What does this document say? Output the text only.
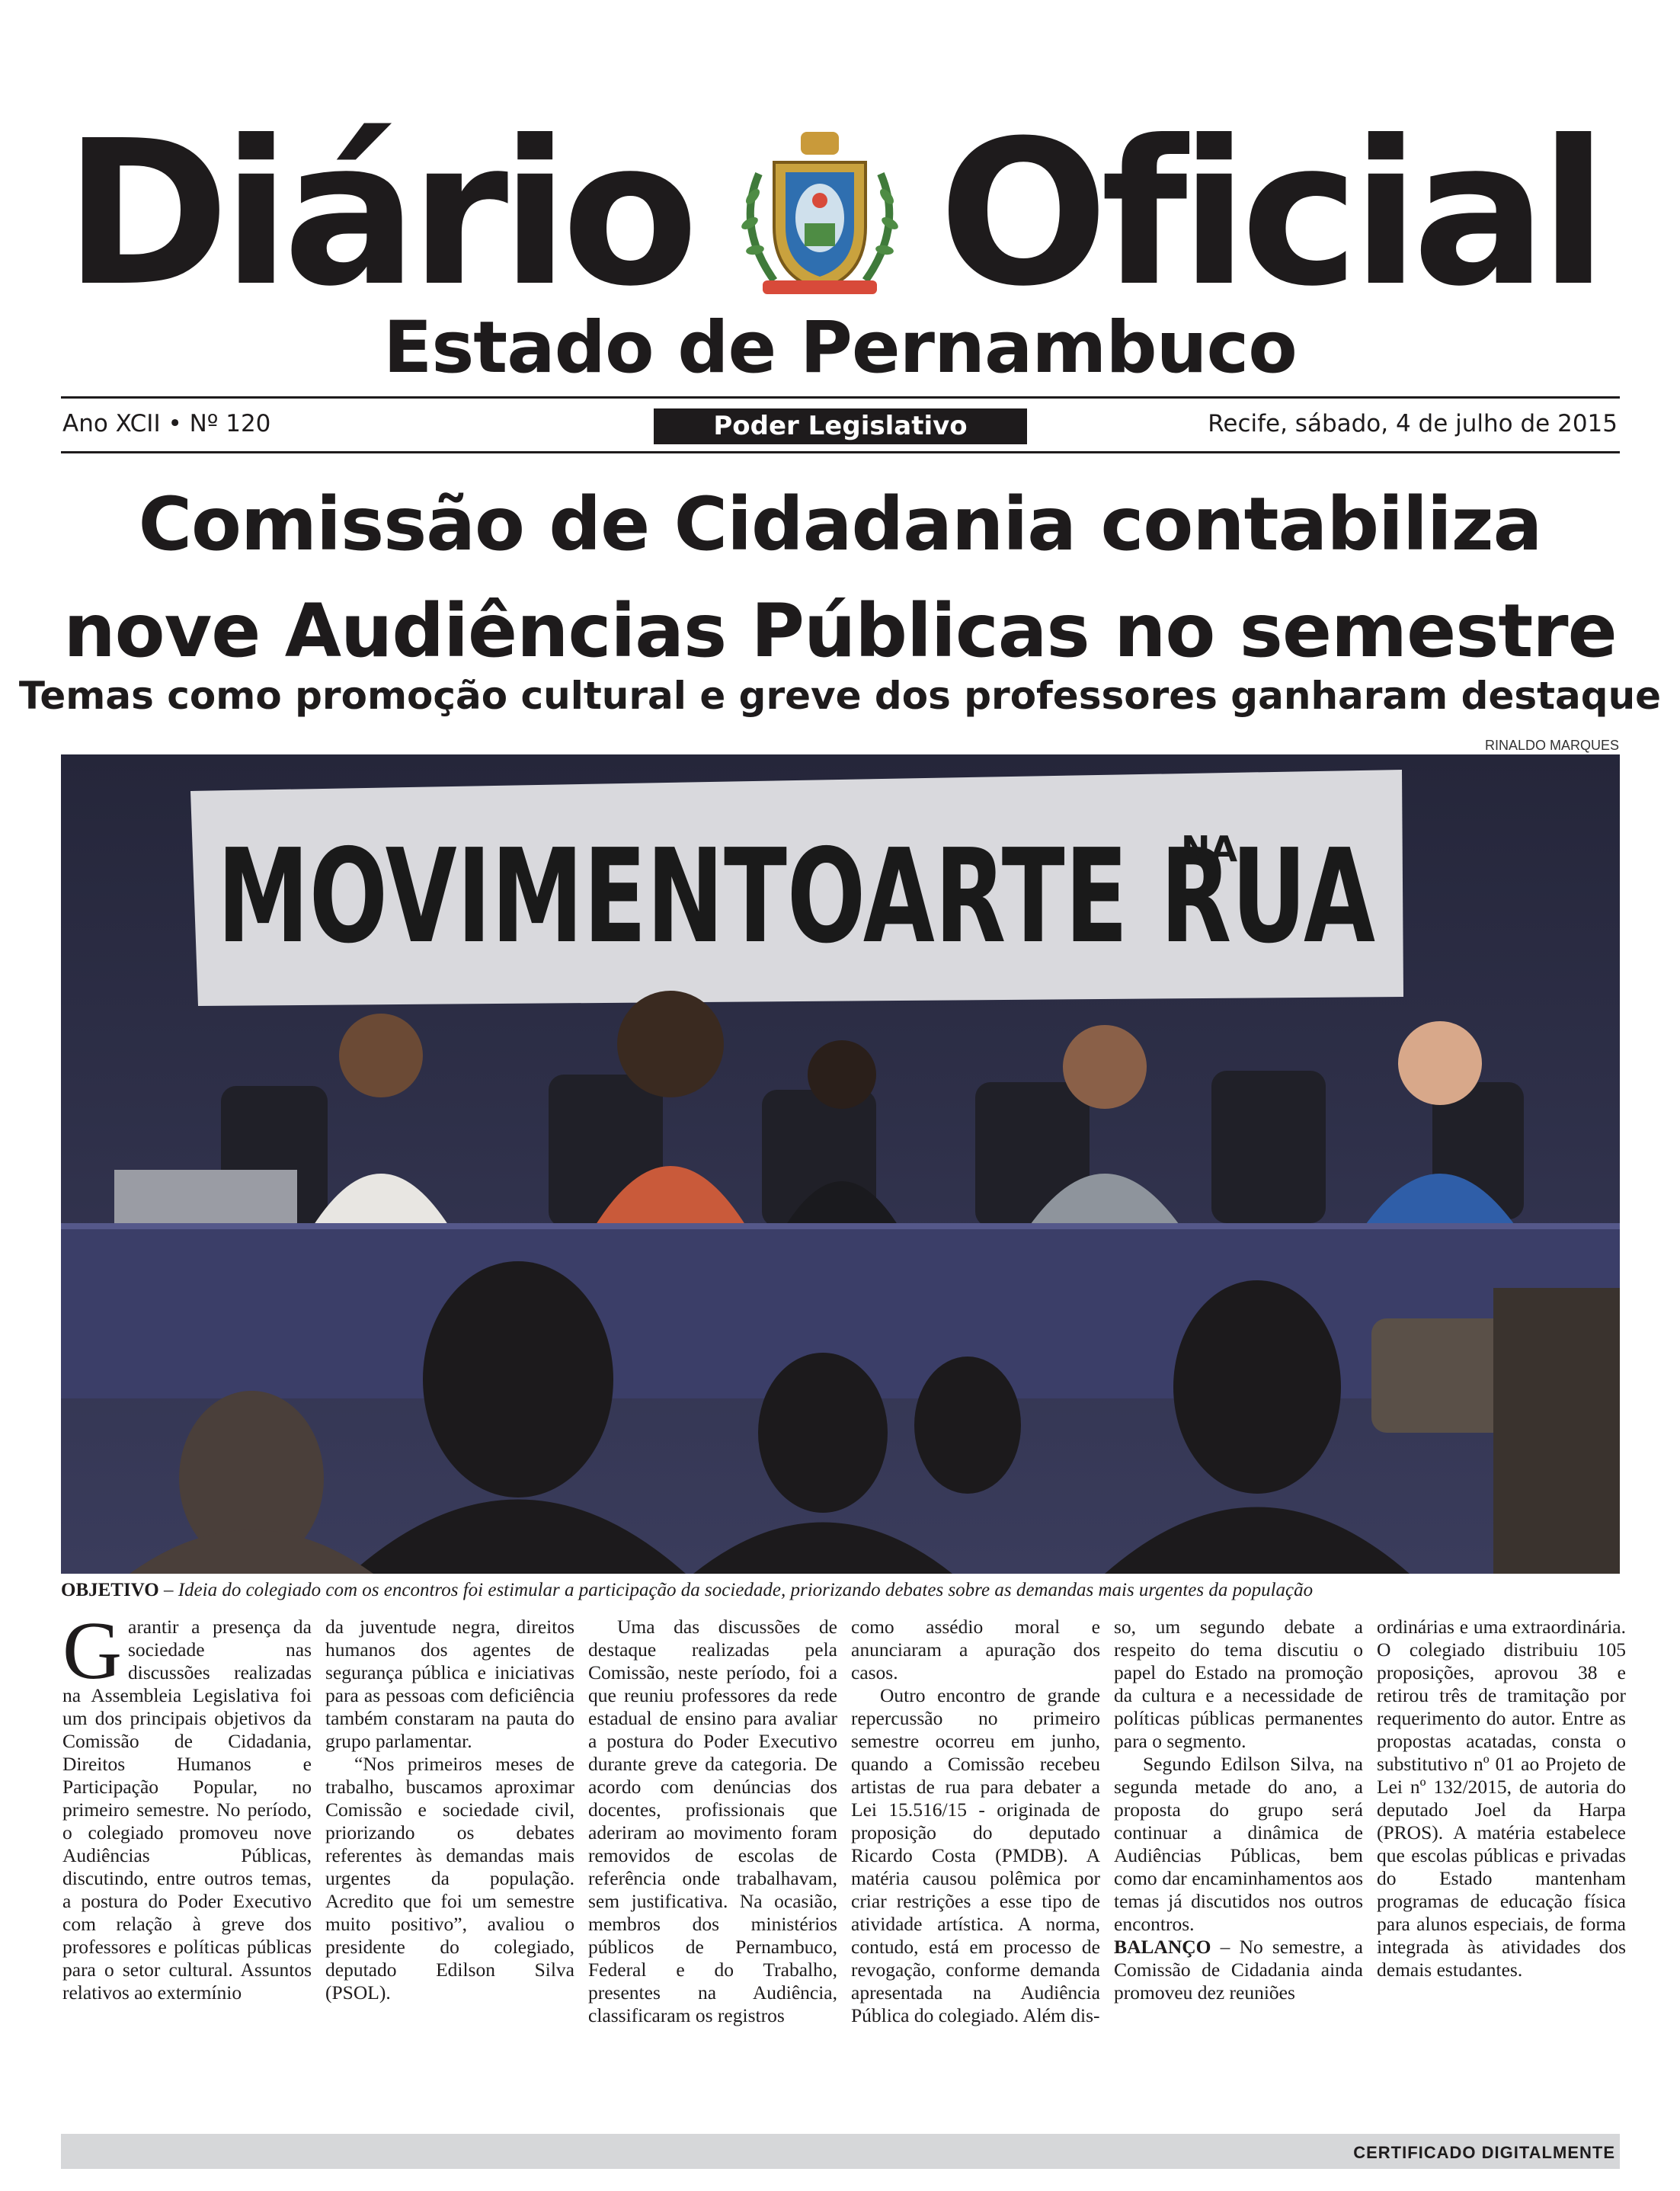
Diário Oficial
Estado de Pernambuco
Ano XCII • Nº 120	Poder Legislativo	Recife, sábado, 4 de julho de 2015
Comissão de Cidadania contabiliza
nove Audiências Públicas no semestre
Temas como promoção cultural e greve dos professores ganharam destaque
RINALDO MARQUES
MOVIMENTOARTE RUA
NA
OBJETIVO – Ideia do colegiado com os encontros foi estimular a participação da sociedade, priorizando debates sobre as demandas mais urgentes da população
G arantir a presença da sociedade nas discussões realizadas na Assembleia Legislativa foi um dos principais objetivos da Comissão de Cidadania, Direitos Humanos e Participação Popular, no primeiro semestre. No período, o colegiado promoveu nove Audiências Públicas, discutindo, entre outros temas, a postura do Poder Executivo com relação à greve dos professores e políticas públicas para o setor cultural. Assuntos relativos ao extermínio

da juventude negra, direitos humanos dos agentes de segurança pública e iniciativas para as pessoas com deficiência também constaram na pauta do grupo parlamentar.

“Nos primeiros meses de trabalho, buscamos aproximar Comissão e sociedade civil, priorizando os debates referentes às demandas mais urgentes da população. Acredito que foi um semestre muito positivo”, avaliou o presidente do colegiado, deputado Edilson Silva (PSOL).

Uma das discussões de destaque realizadas pela Comissão, neste período, foi a que reuniu professores da rede estadual de ensino para avaliar a postura do Poder Executivo durante greve da categoria. De acordo com denúncias dos docentes, profissionais que aderiram ao movimento foram removidos de escolas de referência onde trabalhavam, sem justificativa. Na ocasião, membros dos ministérios públicos de Pernambuco, Federal e do Trabalho, presentes na Audiência, classificaram os registros

como assédio moral e anunciaram a apuração dos casos.

Outro encontro de grande repercussão no primeiro semestre ocorreu em junho, quando a Comissão recebeu artistas de rua para debater a Lei 15.516/15 - originada de proposição do deputado Ricardo Costa (PMDB). A matéria causou polêmica por criar restrições a esse tipo de atividade artística. A norma, contudo, está em processo de revogação, conforme demanda apresentada na Audiência Pública do colegiado. Além dis-

so, um segundo debate a respeito do tema discutiu o papel do Estado na promoção da cultura e a necessidade de políticas públicas permanentes para o segmento.

Segundo Edilson Silva, na segunda metade do ano, a proposta do grupo será continuar a dinâmica de Audiências Públicas, bem como dar encaminhamentos aos temas já discutidos nos outros encontros.

BALANÇO – No semestre, a Comissão de Cidadania ainda promoveu dez reuniões

ordinárias e uma extraordinária. O colegiado distribuiu 105 proposições, aprovou 38 e retirou três de tramitação por requerimento do autor. Entre as propostas acatadas, consta o substitutivo nº 01 ao Projeto de Lei nº 132/2015, de autoria do deputado Joel da Harpa (PROS). A matéria estabelece que escolas públicas e privadas do Estado mantenham programas de educação física para alunos especiais, de forma integrada às atividades dos demais estudantes.

CERTIFICADO DIGITALMENTE
